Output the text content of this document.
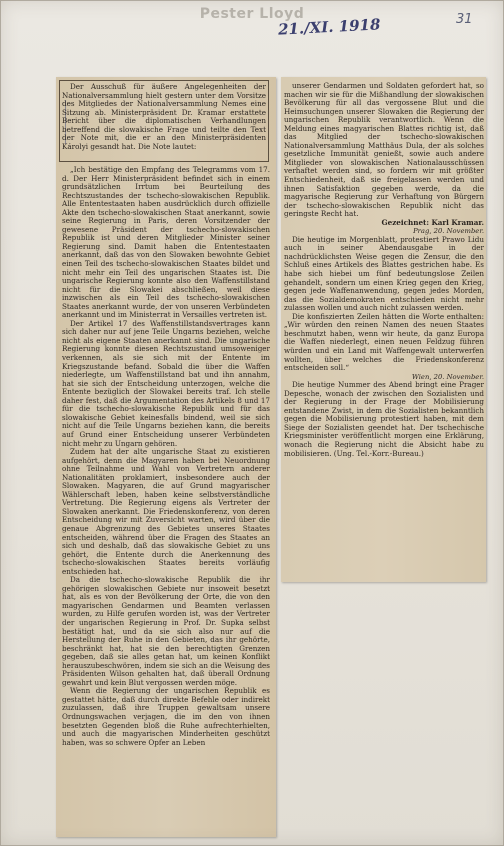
Pester Lloyd
21./XI. 1918	31

Der Ausschuß für äußere Angelegenheiten der Nationalversammlung hielt gestern unter dem Vorsitze des Mitgliedes der Nationalversammlung Nemes eine Sitzung ab. Ministerpräsident Dr. Kramar erstattete Bericht über die diplomatischen Verhandlungen betreffend die slowakische Frage und teilte den Text der Note mit, die er an den Ministerpräsidenten Károlyi gesandt hat. Die Note lautet:

„Ich bestätige den Empfang des Telegramms vom 17. d. Der Herr Ministerpräsident befindet sich in einem grundsätzlichen Irrtum bei Beurteilung des Rechtszustandes der tschecho-slowakischen Republik. Alle Ententestaaten haben ausdrücklich durch offizielle Akte den tschecho-slowakischen Staat anerkannt, sowie seine Regierung in Paris, deren Vorsitzender der gewesene Präsident der tschecho-slowakischen Republik ist und deren Mitglieder Minister seiner Regierung sind. Damit haben die Ententestaaten anerkannt, daß das von den Slowaken bewohnte Gebiet einen Teil des tschecho-slowakischen Staates bildet und nicht mehr ein Teil des ungarischen Staates ist. Die ungarische Regierung konnte also den Waffenstillstand nicht für die Slowakei abschließen, weil diese inzwischen als ein Teil des tschecho-slowakischen Staates anerkannt wurde, der von unseren Verbündeten anerkannt und im Ministerrat in Versailles vertreten ist.

Der Artikel 17 des Waffenstillstandsvertrages kann sich daher nur auf jene Teile Ungarns beziehen, welche nicht als eigene Staaten anerkannt sind. Die ungarische Regierung konnte diesen Rechtszustand umsoweniger verkennen, als sie sich mit der Entente im Kriegszustande befand. Sobald die über die Waffen niederlegte, um Waffenstillstand bat und ihn annahm, hat sie sich der Entscheidung unterzogen, welche die Entente bezüglich der Slowakei bereits traf. Ich stelle daher fest, daß die Argumentation des Artikels 8 und 17 für die tschecho-slowakische Republik und für das slowakische Gebiet keinesfalls bindend, weil sie sich nicht auf die Teile Ungarns beziehen kann, die bereits auf Grund einer Entscheidung unserer Verbündeten nicht mehr zu Ungarn gehören.

Zudem hat der alte ungarische Staat zu existieren aufgehört, denn die Magyaren haben bei Neuordnung ohne Teilnahme und Wahl von Vertretern anderer Nationalitäten proklamiert, insbesondere auch der Slowaken. Magyaren, die auf Grund magyarischer Wählerschaft leben, haben keine selbstverständliche Vertretung. Die Regierung eigens als Vertreter der Slowaken anerkannt. Die Friedenskonferenz, von deren Entscheidung wir mit Zuversicht warten, wird über die genaue Abgrenzung des Gebietes unseres Staates entscheiden, während über die Fragen des Staates an sich und deshalb, daß das slowakische Gebiet zu uns gehört, die Entente durch die Anerkennung des tschecho-slowakischen Staates bereits vorläufig entschieden hat.

Da die tschecho-slowakische Republik die ihr gehörigen slowakischen Gebiete nur insoweit besetzt hat, als es von der Bevölkerung der Orte, die von den magyarischen Gendarmen und Beamten verlassen wurden, zu Hilfe gerufen worden ist, was der Vertreter der ungarischen Regierung in Prof. Dr. Supka selbst bestätigt hat, und da sie sich also nur auf die Herstellung der Ruhe in den Gebieten, das ihr gehörte, beschränkt hat, hat sie den berechtigten Grenzen gegeben, daß sie alles getan hat, um keinen Konflikt herauszubeschwören, indem sie sich an die Weisung des Präsidenten Wilson gehalten hat, daß überall Ordnung gewahrt und kein Blut vergossen werden möge.

Wenn die Regierung der ungarischen Republik es gestattet hätte, daß durch direkte Befehle oder indirekt zuzulassen, daß ihre Truppen gewaltsam unsere Ordnungswachen verjagen, die im den von ihnen besetzten Gegenden bloß die Ruhe aufrechterhielten, und auch die magyarischen Minderheiten geschützt haben, was so schwere Opfer an Leben

unserer Gendarmen und Soldaten gefordert hat, so machen wir sie für die Mißhandlung der slowakischen Bevölkerung für all das vergossene Blut und die Heimsuchungen unserer Slowaken die Regierung der ungarischen Republik verantwortlich. Wenn die Meldung eines magyarischen Blattes richtig ist, daß das Mitglied der tschecho-slowakischen Nationalversammlung Matthäus Dula, der als solches gesetzliche Immunität genießt, sowie auch andere Mitglieder von slowakischen Nationalausschüssen verhaftet werden sind, so fordern wir mit größter Entschiedenheit, daß sie freigelassen werden und ihnen Satisfaktion gegeben werde, da die magyarische Regierung zur Verhaftung von Bürgern der tschecho-slowakischen Republik nicht das geringste Recht hat.

Gezeichnet: Karl Kramar.

Prag, 20. November.

Die heutige im Morgenblatt, protestiert Prawo Lidu auch in seiner Abendausgabe in der nachdrücklichsten Weise gegen die Zensur, die den Schluß eines Artikels des Blattes gestrichen habe. Es habe sich hiebei um fünf bedeutungslose Zeilen gehandelt, sondern um einen Krieg gegen den Krieg, gegen jede Waffenanwendung, gegen jedes Morden, das die Sozialdemokraten entschieden nicht mehr zulassen wollen und auch nicht zulassen werden.

Die konfiszierten Zeilen hätten die Worte enthalten: „Wir würden den reinen Namen des neuen Staates beschmutzt haben, wenn wir heute, da ganz Europa die Waffen niederlegt, einen neuen Feldzug führen würden und ein Land mit Waffengewalt unterwerfen wollten, über welches die Friedenskonferenz entscheiden soll.“

Wien, 20. November.

Die heutige Nummer des Abend bringt eine Prager Depesche, wonach der zwischen den Sozialisten und der Regierung in der Frage der Mobilisierung entstandene Zwist, in dem die Sozialisten bekanntlich gegen die Mobilisierung protestiert haben, mit dem Siege der Sozialisten geendet hat. Der tschechische Kriegsminister veröffentlicht morgen eine Erklärung, wonach die Regierung nicht die Absicht habe zu mobilisieren. (Ung. Tel.-Korr.-Bureau.)
